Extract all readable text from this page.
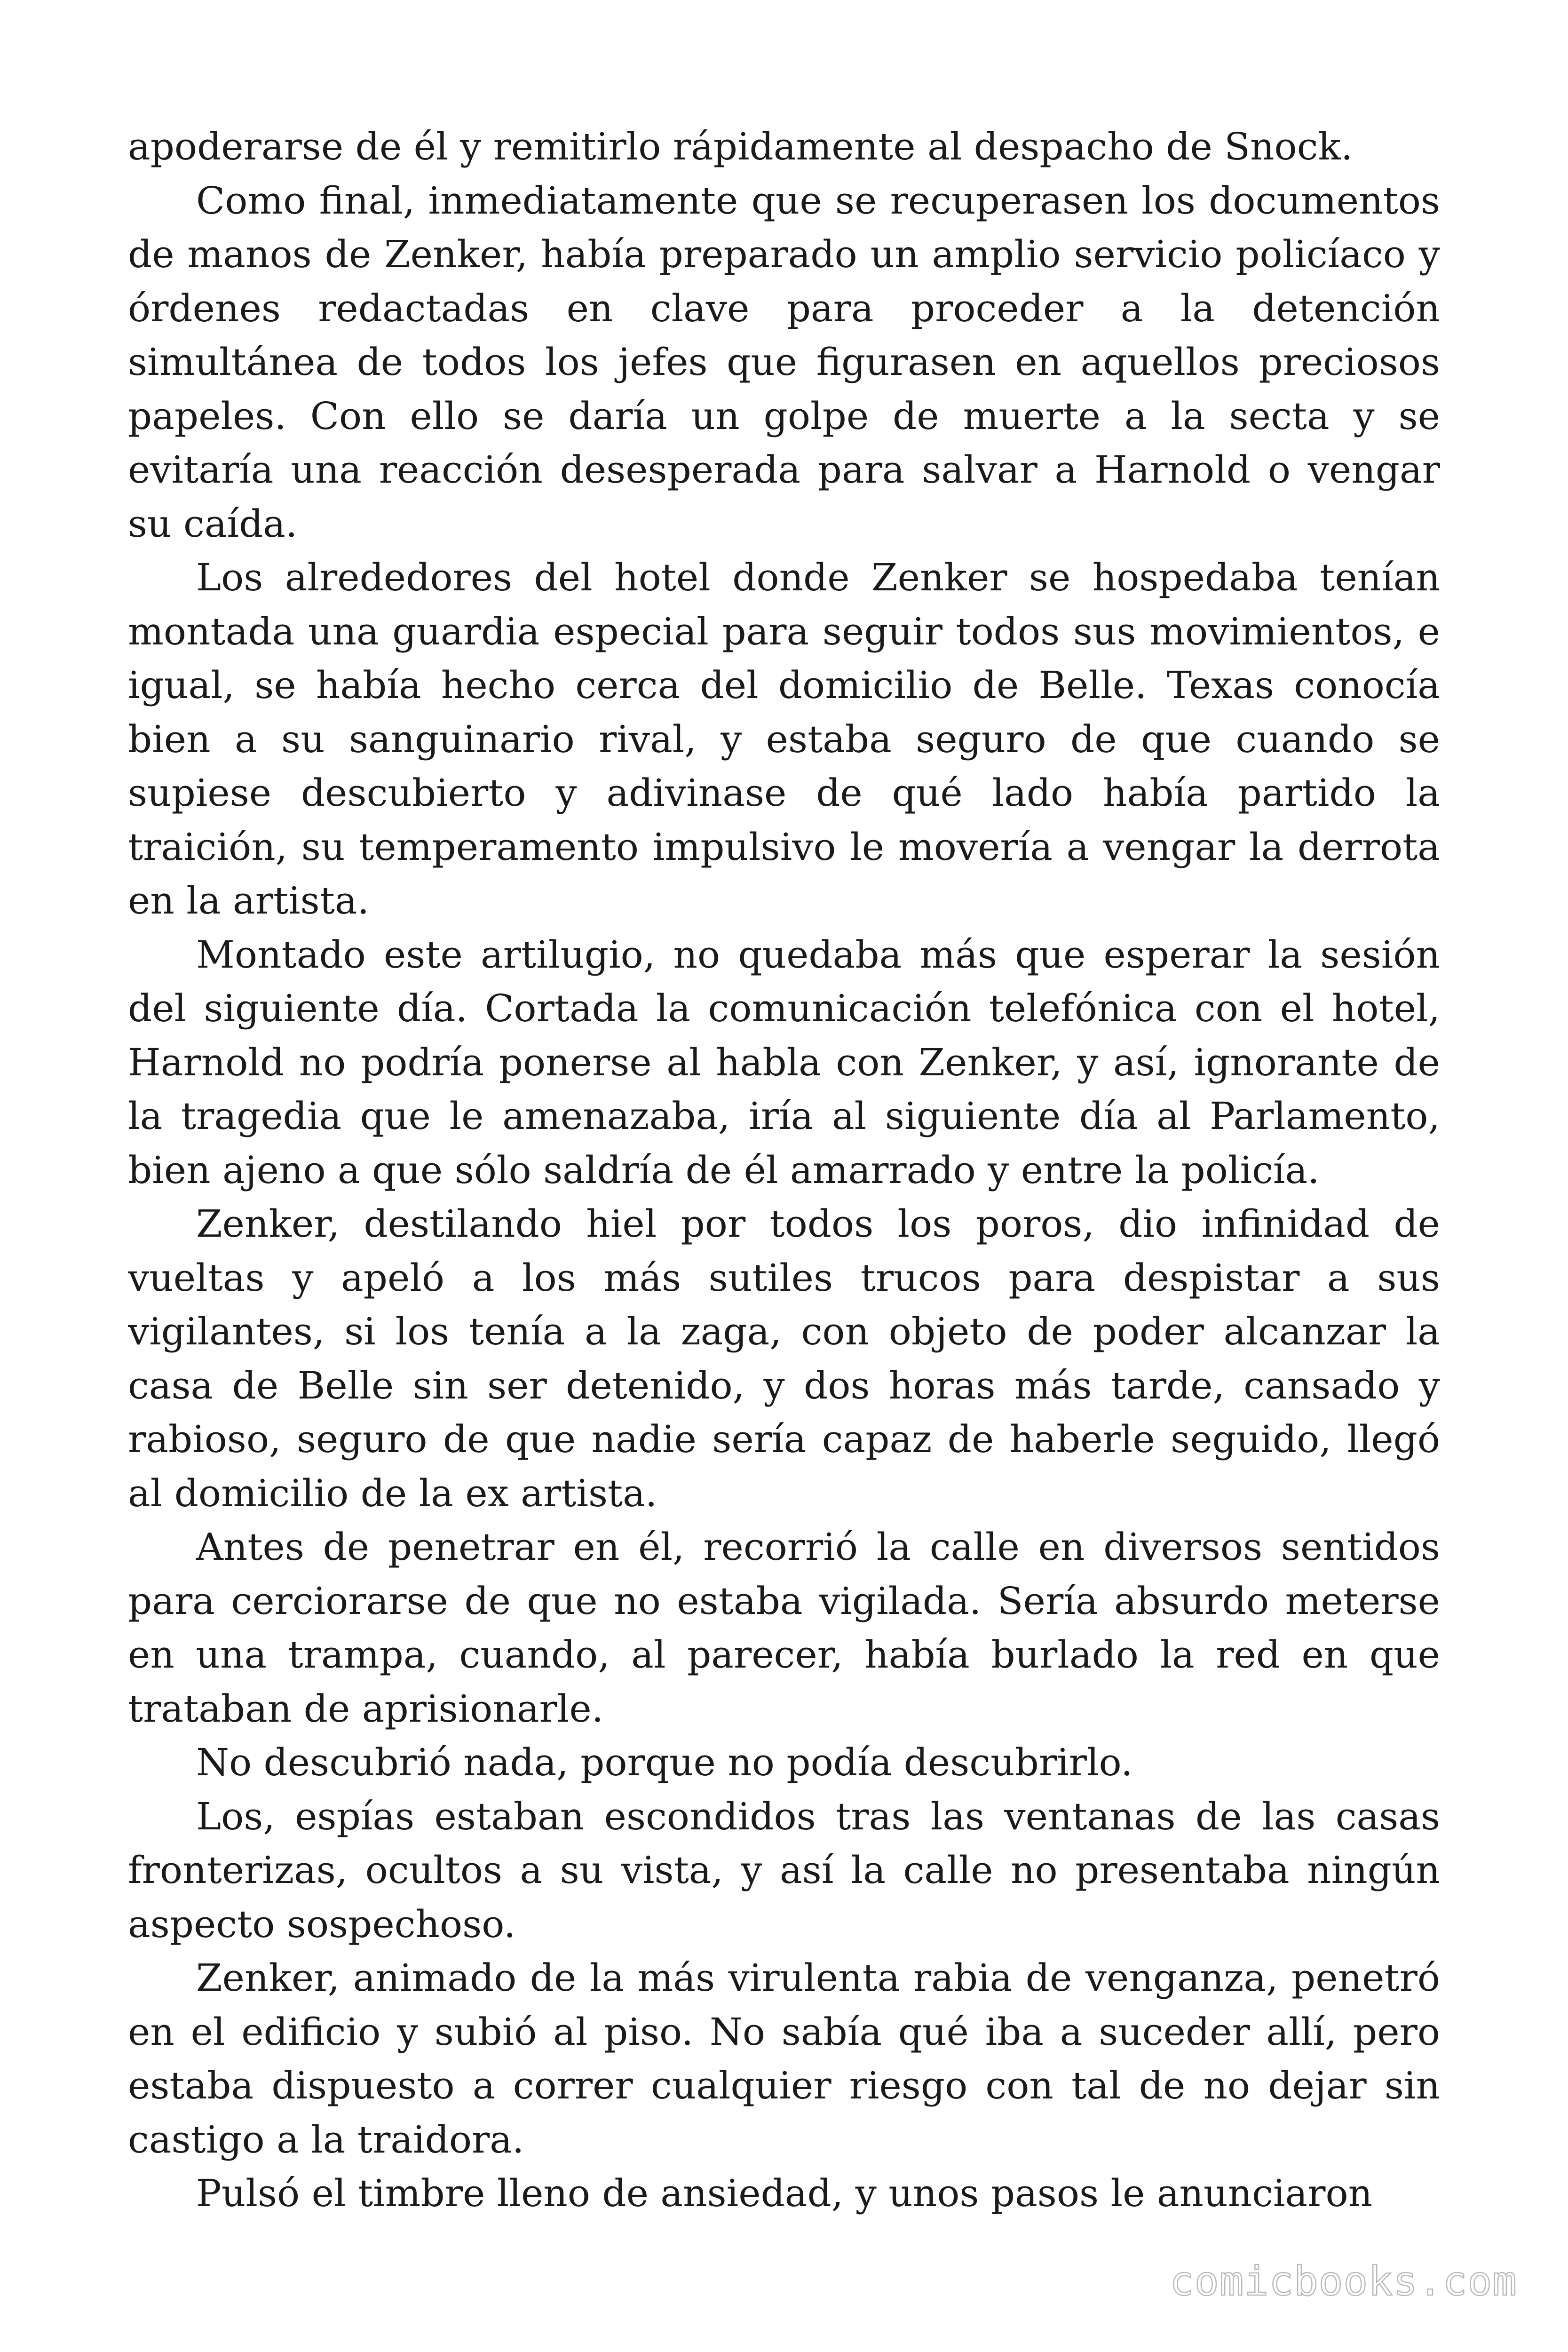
apoderarse de él y remitirlo rápidamente al despacho de Snock.

Como final, inmediatamente que se recuperasen los documentos de manos de Zenker, había preparado un amplio servicio policíaco y órdenes redactadas en clave para proceder a la detención simultánea de todos los jefes que figurasen en aquellos preciosos papeles. Con ello se daría un golpe de muerte a la secta y se evitaría una reacción desesperada para salvar a Harnold o vengar su caída.

Los alrededores del hotel donde Zenker se hospedaba tenían montada una guardia especial para seguir todos sus movimientos, e igual, se había hecho cerca del domicilio de Belle. Texas conocía bien a su sanguinario rival, y estaba seguro de que cuando se supiese descubierto y adivinase de qué lado había partido la traición, su temperamento impulsivo le movería a vengar la derrota en la artista.

Montado este artilugio, no quedaba más que esperar la sesión del siguiente día. Cortada la comunicación telefónica con el hotel, Harnold no podría ponerse al habla con Zenker, y así, ignorante de la tragedia que le amenazaba, iría al siguiente día al Parlamento, bien ajeno a que sólo saldría de él amarrado y entre la policía.

Zenker, destilando hiel por todos los poros, dio infinidad de vueltas y apeló a los más sutiles trucos para despistar a sus vigilantes, si los tenía a la zaga, con objeto de poder alcanzar la casa de Belle sin ser detenido, y dos horas más tarde, cansado y rabioso, seguro de que nadie sería capaz de haberle seguido, llegó al domicilio de la ex artista.

Antes de penetrar en él, recorrió la calle en diversos sentidos para cerciorarse de que no estaba vigilada. Sería absurdo meterse en una trampa, cuando, al parecer, había burlado la red en que trataban de aprisionarle.

No descubrió nada, porque no podía descubrirlo.

Los, espías estaban escondidos tras las ventanas de las casas fronterizas, ocultos a su vista, y así la calle no presentaba ningún aspecto sospechoso.

Zenker, animado de la más virulenta rabia de venganza, penetró en el edificio y subió al piso. No sabía qué iba a suceder allí, pero estaba dispuesto a correr cualquier riesgo con tal de no dejar sin castigo a la traidora.

Pulsó el timbre lleno de ansiedad, y unos pasos le anunciaron

comicbooks.com
